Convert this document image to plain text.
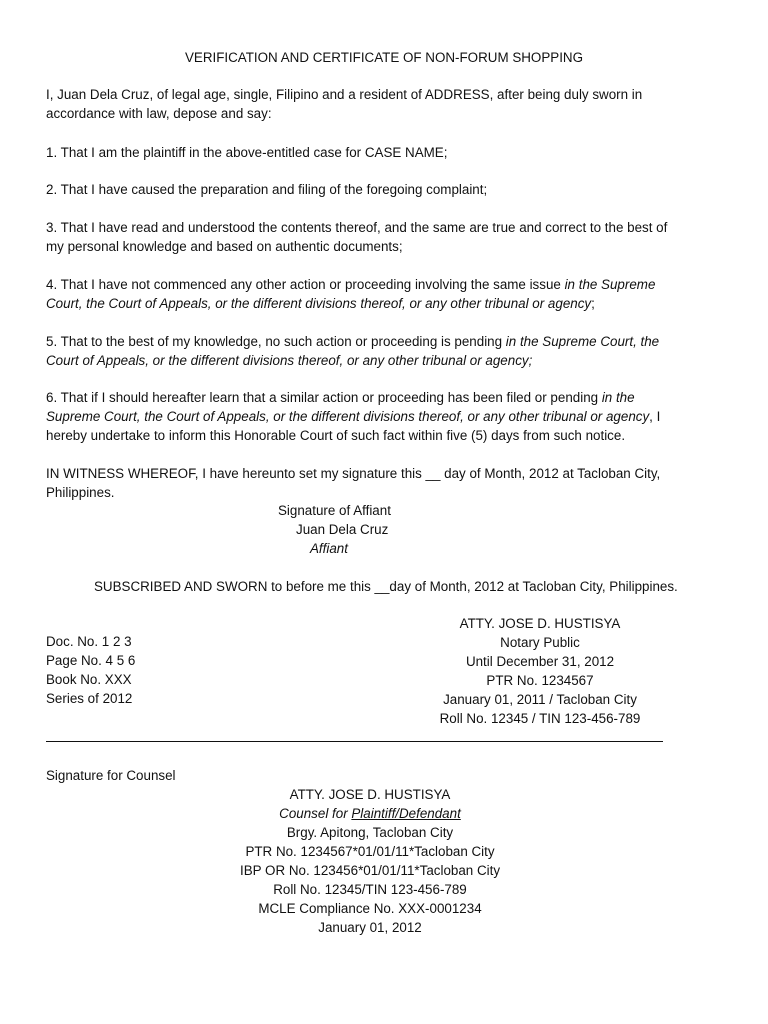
VERIFICATION AND CERTIFICATE OF NON-FORUM SHOPPING

I, Juan Dela Cruz, of legal age, single, Filipino and a resident of ADDRESS, after being duly sworn in

accordance with law, depose and say:

1. That I am the plaintiff in the above-entitled case for CASE NAME;

2. That I have caused the preparation and filing of the foregoing complaint;

3. That I have read and understood the contents thereof, and the same are true and correct to the best of

my personal knowledge and based on authentic documents;

4. That I have not commenced any other action or proceeding involving the same issue in the Supreme

Court, the Court of Appeals, or the different divisions thereof, or any other tribunal or agency;

5. That to the best of my knowledge, no such action or proceeding is pending in the Supreme Court, the

Court of Appeals, or the different divisions thereof, or any other tribunal or agency;

6. That if I should hereafter learn that a similar action or proceeding has been filed or pending in the

Supreme Court, the Court of Appeals, or the different divisions thereof, or any other tribunal or agency, I

hereby undertake to inform this Honorable Court of such fact within five (5) days from such notice.

IN WITNESS WHEREOF, I have hereunto set my signature this __ day of Month, 2012 at Tacloban City,

Philippines.

Signature of Affiant
Juan Dela Cruz
Affiant
SUBSCRIBED AND SWORN to before me this __day of Month, 2012 at Tacloban City, Philippines.

Doc. No. 1 2 3

Page No. 4 5 6

Book No. XXX

Series of 2012

ATTY. JOSE D. HUSTISYA

Notary Public

Until December 31, 2012

PTR No. 1234567

January 01, 2011 / Tacloban City

Roll No. 12345 / TIN 123-456-789

Signature for Counsel

ATTY. JOSE D. HUSTISYA

Counsel for Plaintiff/Defendant

Brgy. Apitong, Tacloban City

PTR No. 1234567*01/01/11*Tacloban City

IBP OR No. 123456*01/01/11*Tacloban City

Roll No. 12345/TIN 123-456-789

MCLE Compliance No. XXX-0001234

January 01, 2012
